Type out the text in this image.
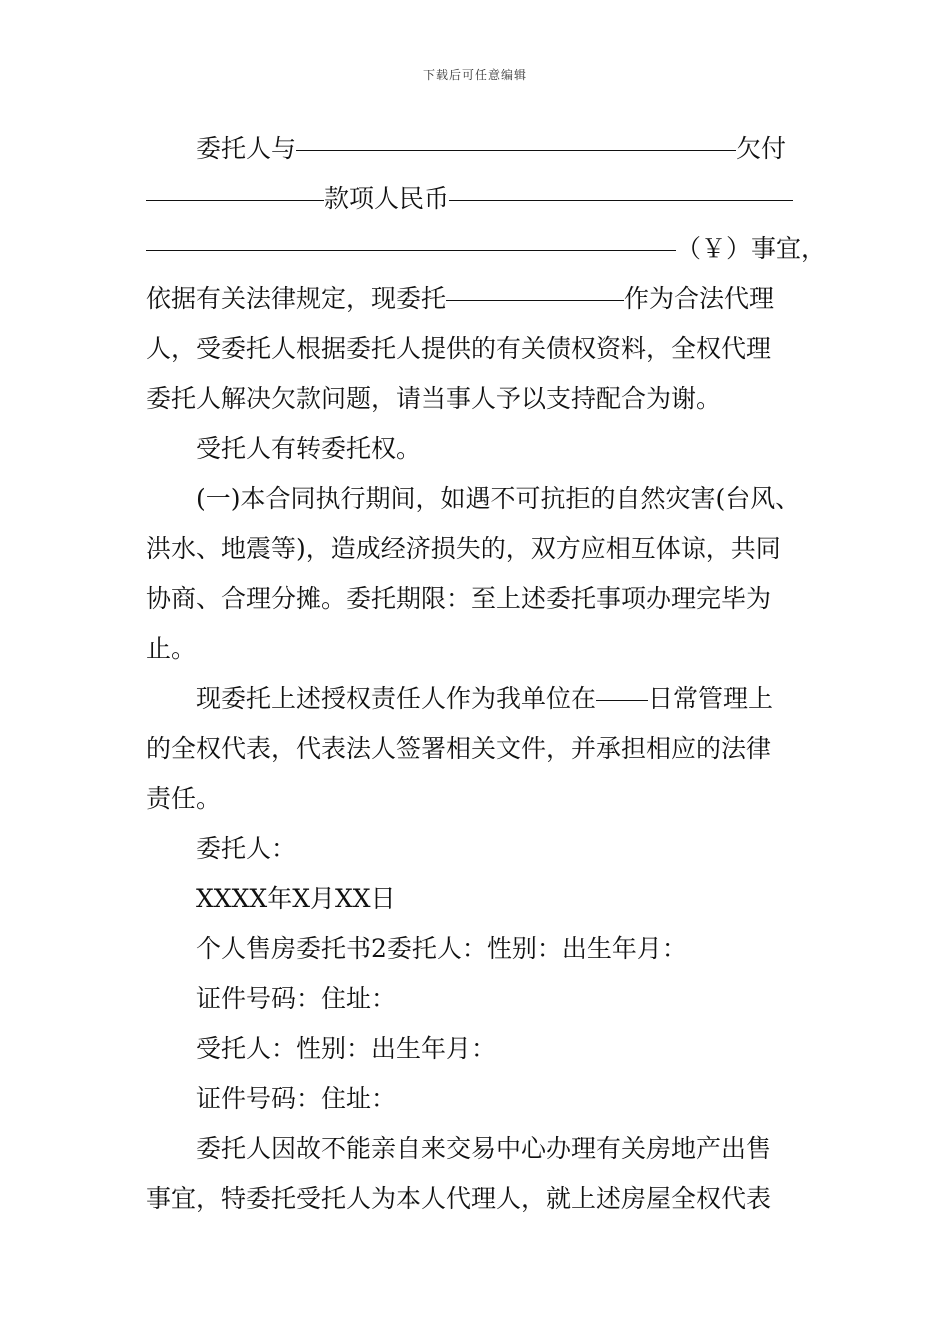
下载后可任意编辑
委托人与	欠付
款项人民币
（￥）事宜，
依据有关法律规定，现委托	作为合法代理
人，受委托人根据委托人提供的有关债权资料，全权代理
委托人解决欠款问题，请当事人予以支持配合为谢。
受托人有转委托权。
(一)本合同执行期间，如遇不可抗拒的自然灾害(台风、
洪水、地震等)，造成经济损失的，双方应相互体谅，共同
协商、合理分摊。委托期限：至上述委托事项办理完毕为
止。
现委托上述授权责任人作为我单位在 日常管理上
的全权代表，代表法人签署相关文件，并承担相应的法律
责任。
委托人：
XXXX年X月XX日
个人售房委托书2委托人：性别：出生年月：
证件号码：住址：
受托人：性别：出生年月：
证件号码：住址：
委托人因故不能亲自来交易中心办理有关房地产出售
事宜，特委托受托人为本人代理人，就上述房屋全权代表
